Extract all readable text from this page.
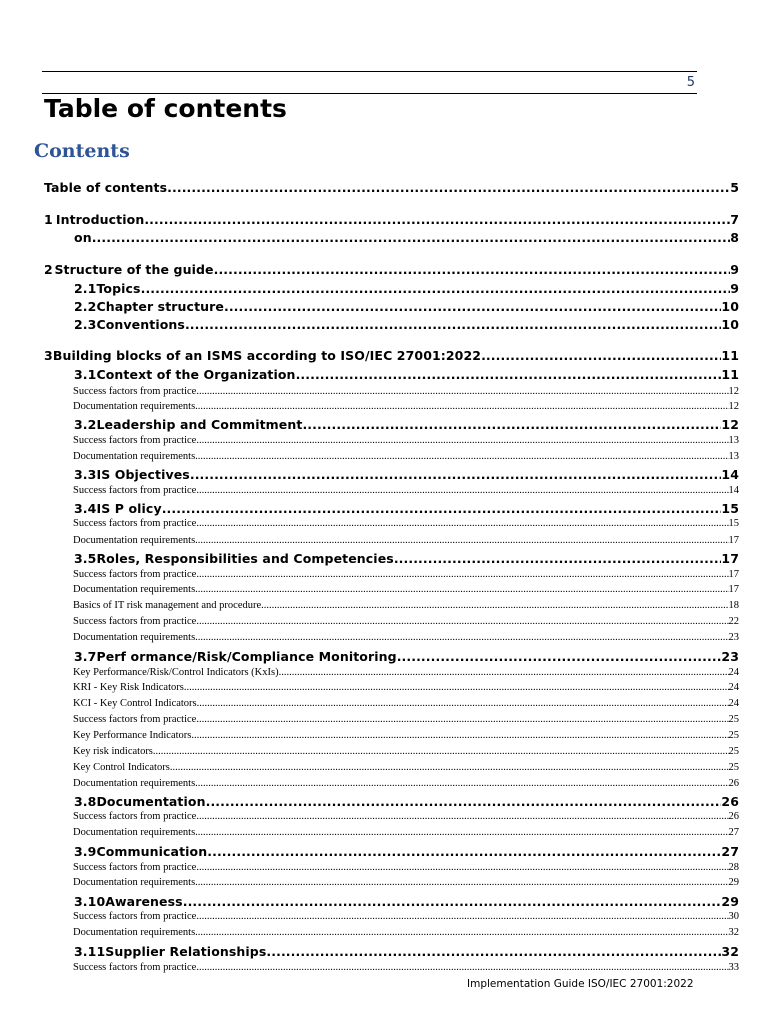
5
Table of contents
Contents
Table of contents .....	5
1 Introduction .....	7
on .....	8
2 Structure of the guide .....	9
2.1 Topics .....	9
2.2 Chapter structure .....	10
2.3 Conventions .....	10
3 Building blocks of an ISMS according to ISO/IEC 27001:2022 .....	11
3.1 Context of the Organization .....	11
Success factors from practice .....	12
Documentation requirements .....	12
3.2 Leadership and Commitment .....	12
Success factors from practice .....	13
Documentation requirements .....	13
3.3 IS Objectives .....	14
Success factors from practice .....	14
3.4 IS P olicy .....	15
Success factors from practice .....	15
Documentation requirements .....	17
3.5 Roles, Responsibilities and Competencies .....	17
Success factors from practice .....	17
Documentation requirements .....	17
Basics of IT risk management and procedure .....	18
Success factors from practice .....	22
Documentation requirements .....	23
3.7 Perf ormance/Risk/Compliance Monitoring .....	23
Key Performance/Risk/Control Indicators (KxIs) .....	24
KRI - Key Risk Indicators .....	24
KCI - Key Control Indicators .....	24
Success factors from practice .....	25
Key Performance Indicators .....	25
Key risk indicators .....	25
Key Control Indicators .....	25
Documentation requirements .....	26
3.8 Documentation .....	26
Success factors from practice .....	26
Documentation requirements .....	27
3.9 Communication .....	27
Success factors from practice .....	28
Documentation requirements .....	29
3.10 Awareness .....	29
Success factors from practice .....	30
Documentation requirements .....	32
3.11 Supplier Relationships .....	32
Success factors from practice .....	33
Implementation Guide ISO/IEC 27001:2022
